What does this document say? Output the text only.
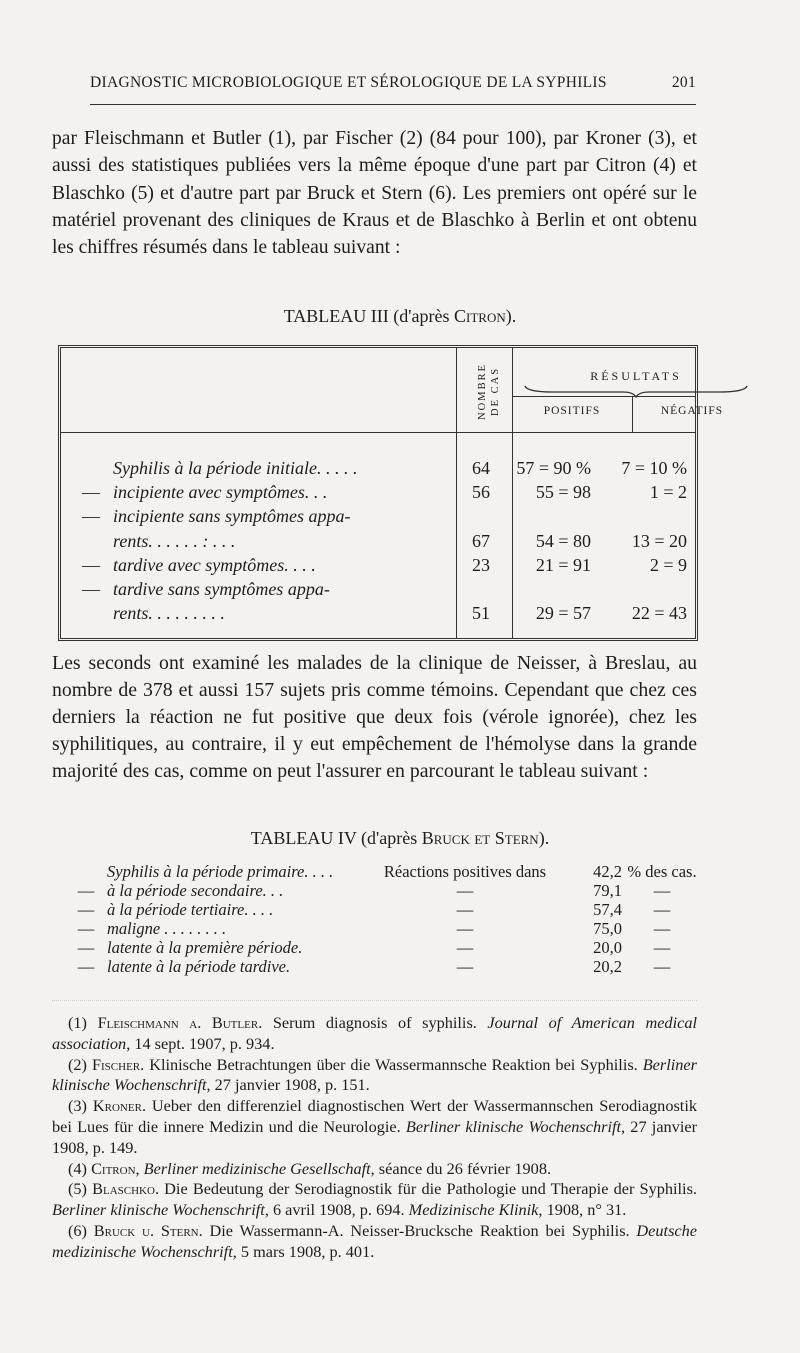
DIAGNOSTIC MICROBIOLOGIQUE ET SÉROLOGIQUE DE LA SYPHILIS	201

par Fleischmann et Butler (1), par Fischer (2) (84 pour 100), par Kroner (3), et aussi des statistiques publiées vers la même époque d'une part par Citron (4) et Blaschko (5) et d'autre part par Bruck et Stern (6). Les premiers ont opéré sur le matériel provenant des cliniques de Kraus et de Blaschko à Berlin et ont obtenu les chiffres résumés dans le tableau suivant :

TABLEAU III (d'après Citron).
NOMBRE
DE CAS	RÉSULTATS
POSITIFS	NÉGATIFS
Syphilis à la période initiale. . . . .	64	57 = 90 %	7 = 10 %
— incipiente avec symptômes. . .	56	55 = 98	1 = 2
— incipiente sans symptômes appa-
rents. . . . . . : . . .	67	54 = 80	13 = 20
— tardive avec symptômes. . . .	23	21 = 91	2 = 9
— tardive sans symptômes appa-
rents. . . . . . . . .	51	29 = 57	22 = 43

Les seconds ont examiné les malades de la clinique de Neisser, à Breslau, au nombre de 378 et aussi 157 sujets pris comme témoins. Cependant que chez ces derniers la réaction ne fut positive que deux fois (vérole ignorée), chez les syphilitiques, au contraire, il y eut empêchement de l'hémolyse dans la grande majorité des cas, comme on peut l'assurer en parcourant le tableau suivant :

TABLEAU IV (d'après Bruck et Stern).
Syphilis à la période primaire. . . .	Réactions positives dans	42,2 % des cas.
— à la période secondaire. . .	—	79,1	—
— à la période tertiaire. . . .	—	57,4	—
— maligne . . . . . . . .	—	75,0	—
— latente à la première période.	—	20,0	—
— latente à la période tardive.	—	20,2	—

(1) Fleischmann a. Butler. Serum diagnosis of syphilis. Journal of American medical association, 14 sept. 1907, p. 934.

(2) Fischer. Klinische Betrachtungen über die Wassermannsche Reaktion bei Syphilis. Berliner klinische Wochenschrift, 27 janvier 1908, p. 151.

(3) Kroner. Ueber den differenziel diagnostischen Wert der Wassermannschen Serodiagnostik bei Lues für die innere Medizin und die Neurologie. Berliner klinische Wochenschrift, 27 janvier 1908, p. 149.

(4) Citron, Berliner medizinische Gesellschaft, séance du 26 février 1908.

(5) Blaschko. Die Bedeutung der Serodiagnostik für die Pathologie und Therapie der Syphilis. Berliner klinische Wochenschrift, 6 avril 1908, p. 694. Medizinische Klinik, 1908, n° 31.

(6) Bruck u. Stern. Die Wassermann-A. Neisser-Brucksche Reaktion bei Syphilis. Deutsche medizinische Wochenschrift, 5 mars 1908, p. 401.
